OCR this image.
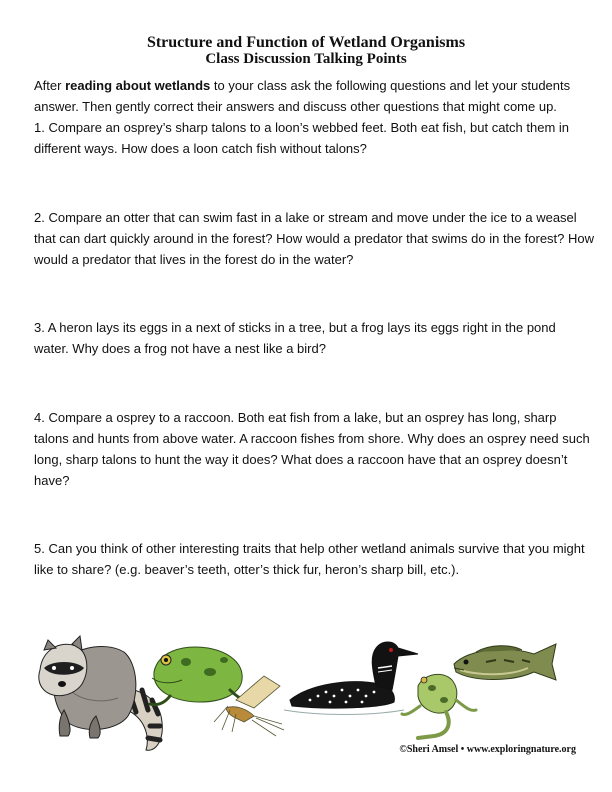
Structure and Function of Wetland Organisms
Class Discussion Talking Points
After reading about wetlands to your class ask the following questions and let your students answer. Then gently correct their answers and discuss other questions that might come up.
1. Compare an osprey’s sharp talons to a loon’s webbed feet. Both eat fish, but catch them in different ways. How does a loon catch fish without talons?
2. Compare an otter that can swim fast in a lake or stream and move under the ice to a weasel that can dart quickly around in the forest? How would a predator that swims do in the forest? How would a predator that lives in the forest do in the water?
3. A heron lays its eggs in a next of sticks in a tree, but a frog lays its eggs right in the pond water. Why does a frog not have a nest like a bird?
4. Compare a osprey to a raccoon. Both eat fish from a lake, but an osprey has long, sharp talons and hunts from above water. A raccoon fishes from shore. Why does an osprey need such long, sharp talons to hunt the way it does? What does a raccoon have that an osprey doesn’t have?
5. Can you think of other interesting traits that help other wetland animals survive that you might like to share? (e.g. beaver’s teeth, otter’s thick fur, heron’s sharp bill, etc.).
©Sheri Amsel • www.exploringnature.org
